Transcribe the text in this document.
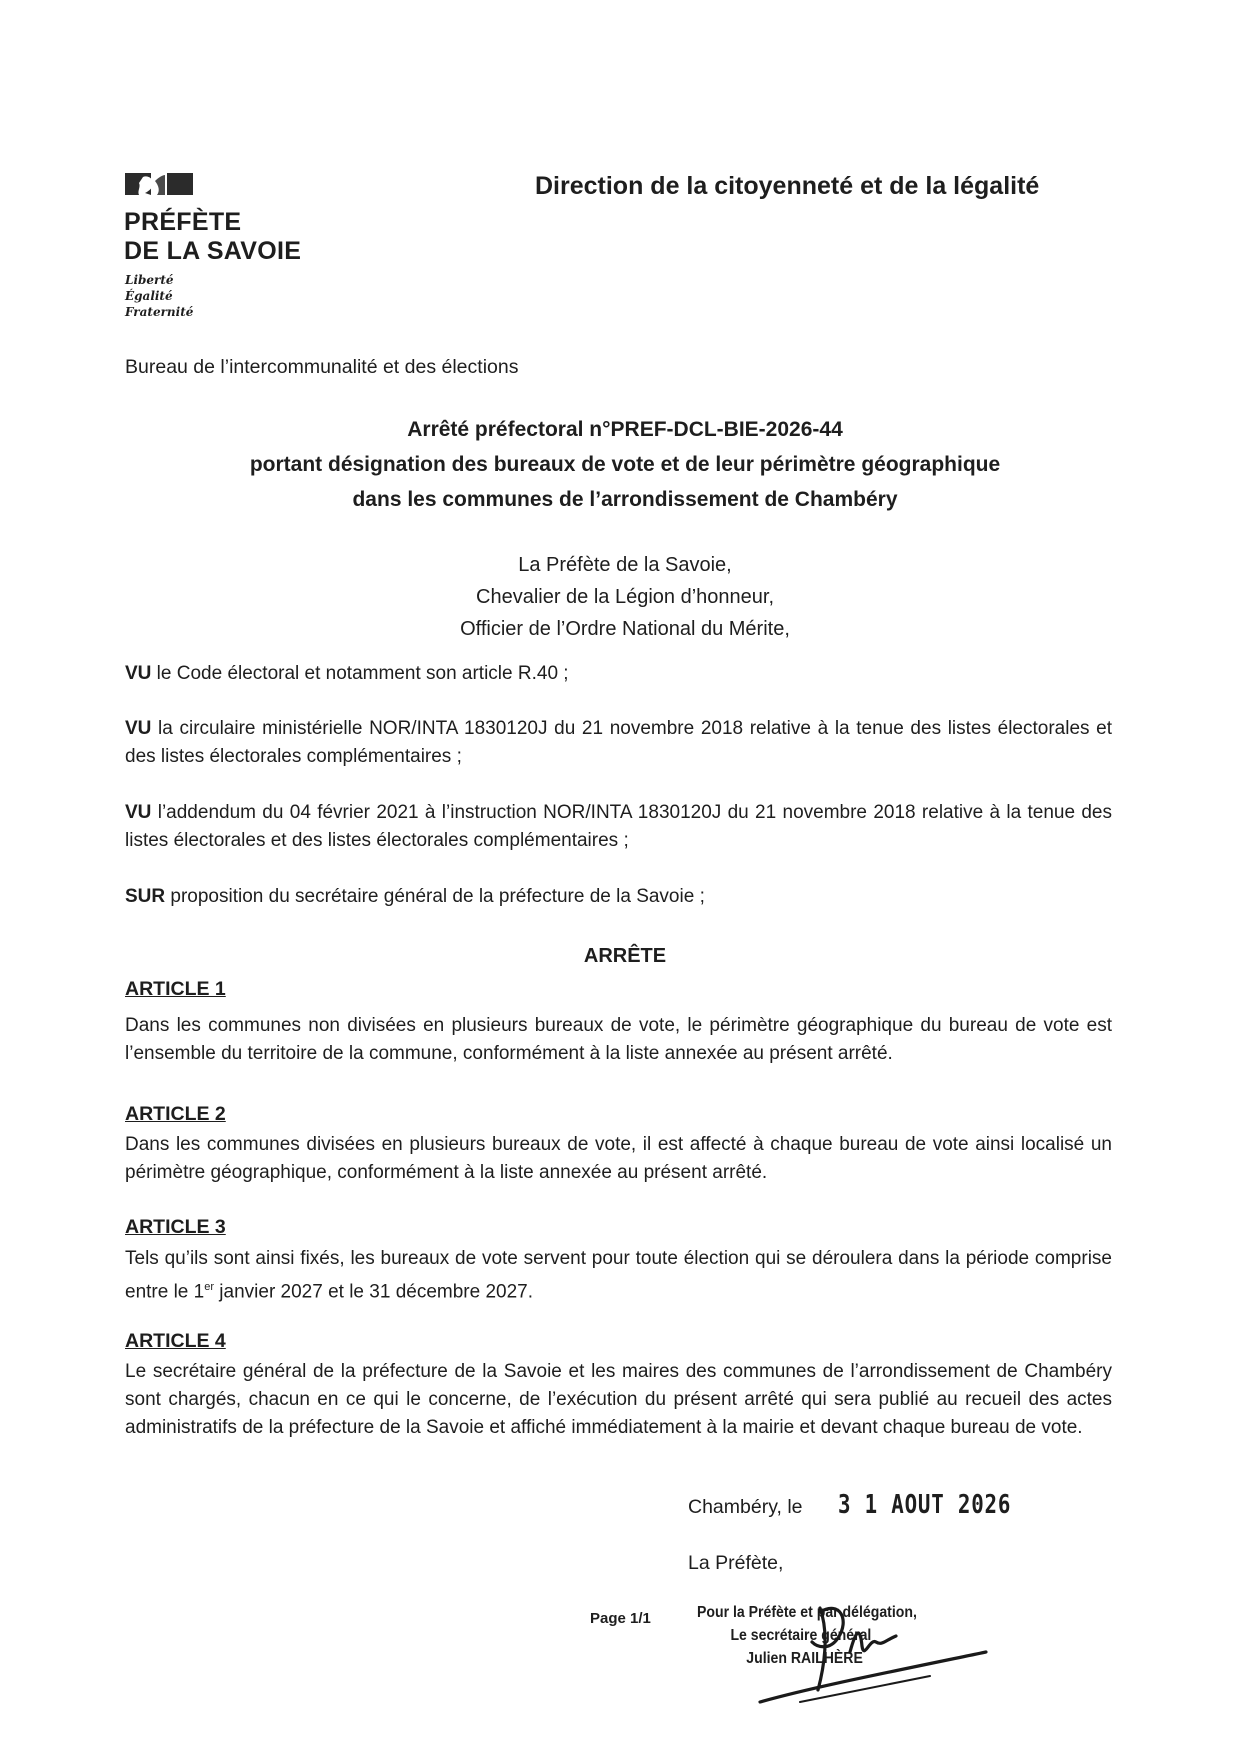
PRÉFÈTE
DE LA SAVOIE
Liberté
Égalité
Fraternité
Direction de la citoyenneté et de la légalité
Bureau de l’intercommunalité et des élections
Arrêté préfectoral n°PREF-DCL-BIE-2026-44
portant désignation des bureaux de vote et de leur périmètre géographique
dans les communes de l’arrondissement de Chambéry
La Préfète de la Savoie,
Chevalier de la Légion d’honneur,
Officier de l’Ordre National du Mérite,
VU le Code électoral et notamment son article R.40 ;
VU la circulaire ministérielle NOR/INTA 1830120J du 21 novembre 2018 relative à la tenue des listes électorales et des listes électorales complémentaires ;
VU l’addendum du 04 février 2021 à l’instruction NOR/INTA 1830120J du 21 novembre 2018 relative à la tenue des listes électorales et des listes électorales complémentaires ;
SUR proposition du secrétaire général de la préfecture de la Savoie ;
ARRÊTE
ARTICLE 1
Dans les communes non divisées en plusieurs bureaux de vote, le périmètre géographique du bureau de vote est l’ensemble du territoire de la commune, conformément à la liste annexée au présent arrêté.
ARTICLE 2
Dans les communes divisées en plusieurs bureaux de vote, il est affecté à chaque bureau de vote ainsi localisé un périmètre géographique, conformément à la liste annexée au présent arrêté.
ARTICLE 3
Tels qu’ils sont ainsi fixés, les bureaux de vote servent pour toute élection qui se déroulera dans la période comprise entre le 1er janvier 2027 et le 31 décembre 2027.
ARTICLE 4
Le secrétaire général de la préfecture de la Savoie et les maires des communes de l’arrondissement de Chambéry sont chargés, chacun en ce qui le concerne, de l’exécution du présent arrêté qui sera publié au recueil des actes administratifs de la préfecture de la Savoie et affiché immédiatement à la mairie et devant chaque bureau de vote.
Chambéry, le 3 1 AOUT 2026
La Préfète,
Page 1/1	Pour la Préfète et par délégation,
Le secrétaire général
Julien RAILHÈRE
